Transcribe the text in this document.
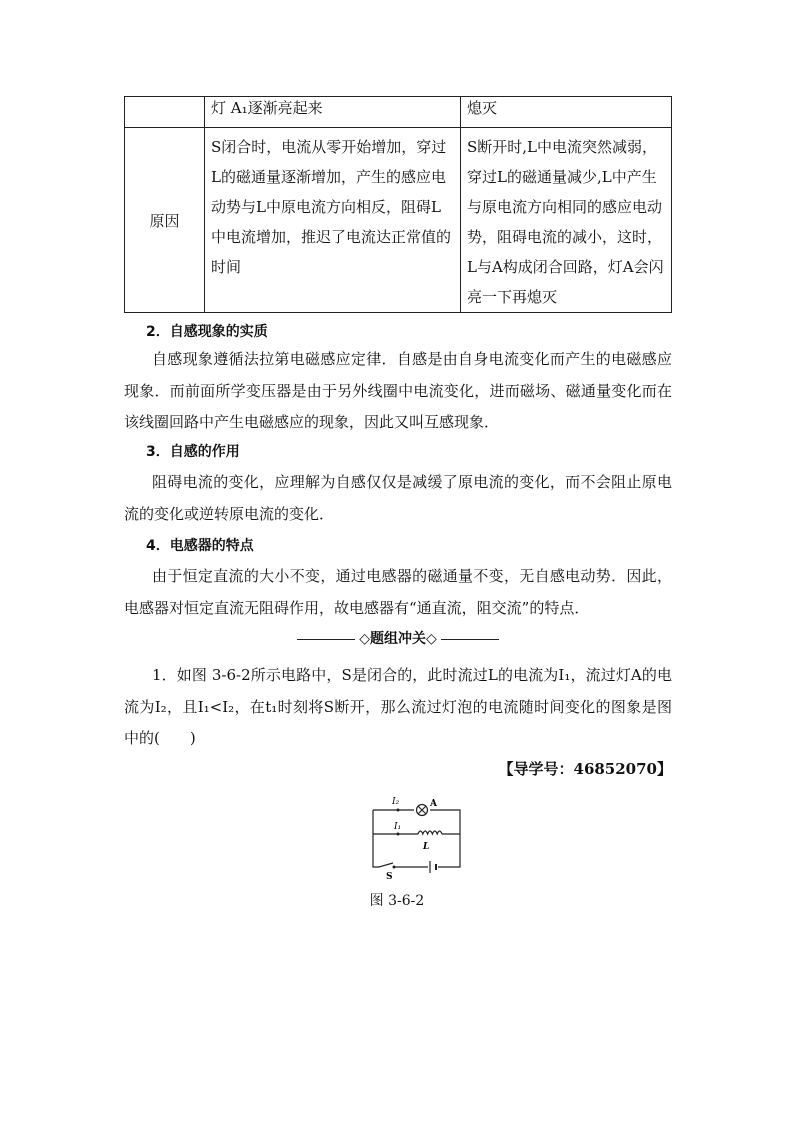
	灯 A₁逐渐亮起来	熄灭
原因	S闭合时，电流从零开始增加，穿过L的磁通量逐渐增加，产生的感应电动势与L中原电流方向相反，阻碍L中电流增加，推迟了电流达正常值的时间	S断开时,L中电流突然减弱，穿过L的磁通量减少,L中产生与原电流方向相同的感应电动势，阻碍电流的减小，这时，L与A构成闭合回路，灯A会闪亮一下再熄灭
2．自感现象的实质
自感现象遵循法拉第电磁感应定律．自感是由自身电流变化而产生的电磁感应现象．而前面所学变压器是由于另外线圈中电流变化，进而磁场、磁通量变化而在该线圈回路中产生电磁感应的现象，因此又叫互感现象．
3．自感的作用
阻碍电流的变化，应理解为自感仅仅是减缓了原电流的变化，而不会阻止原电流的变化或逆转原电流的变化．
4．电感器的特点
由于恒定直流的大小不变，通过电感器的磁通量不变，无自感电动势．因此，电感器对恒定直流无阻碍作用，故电感器有“通直流，阻交流”的特点．
◇题组冲关◇
1．如图 3-6-2所示电路中，S是闭合的，此时流过L的电流为I₁，流过灯A的电流为I₂，且I₁<I₂，在t₁时刻将S断开，那么流过灯泡的电流随时间变化的图象是图中的(　　)
【导学号：46852070】
I₂	A
I₁
L
S
图 3-6-2
